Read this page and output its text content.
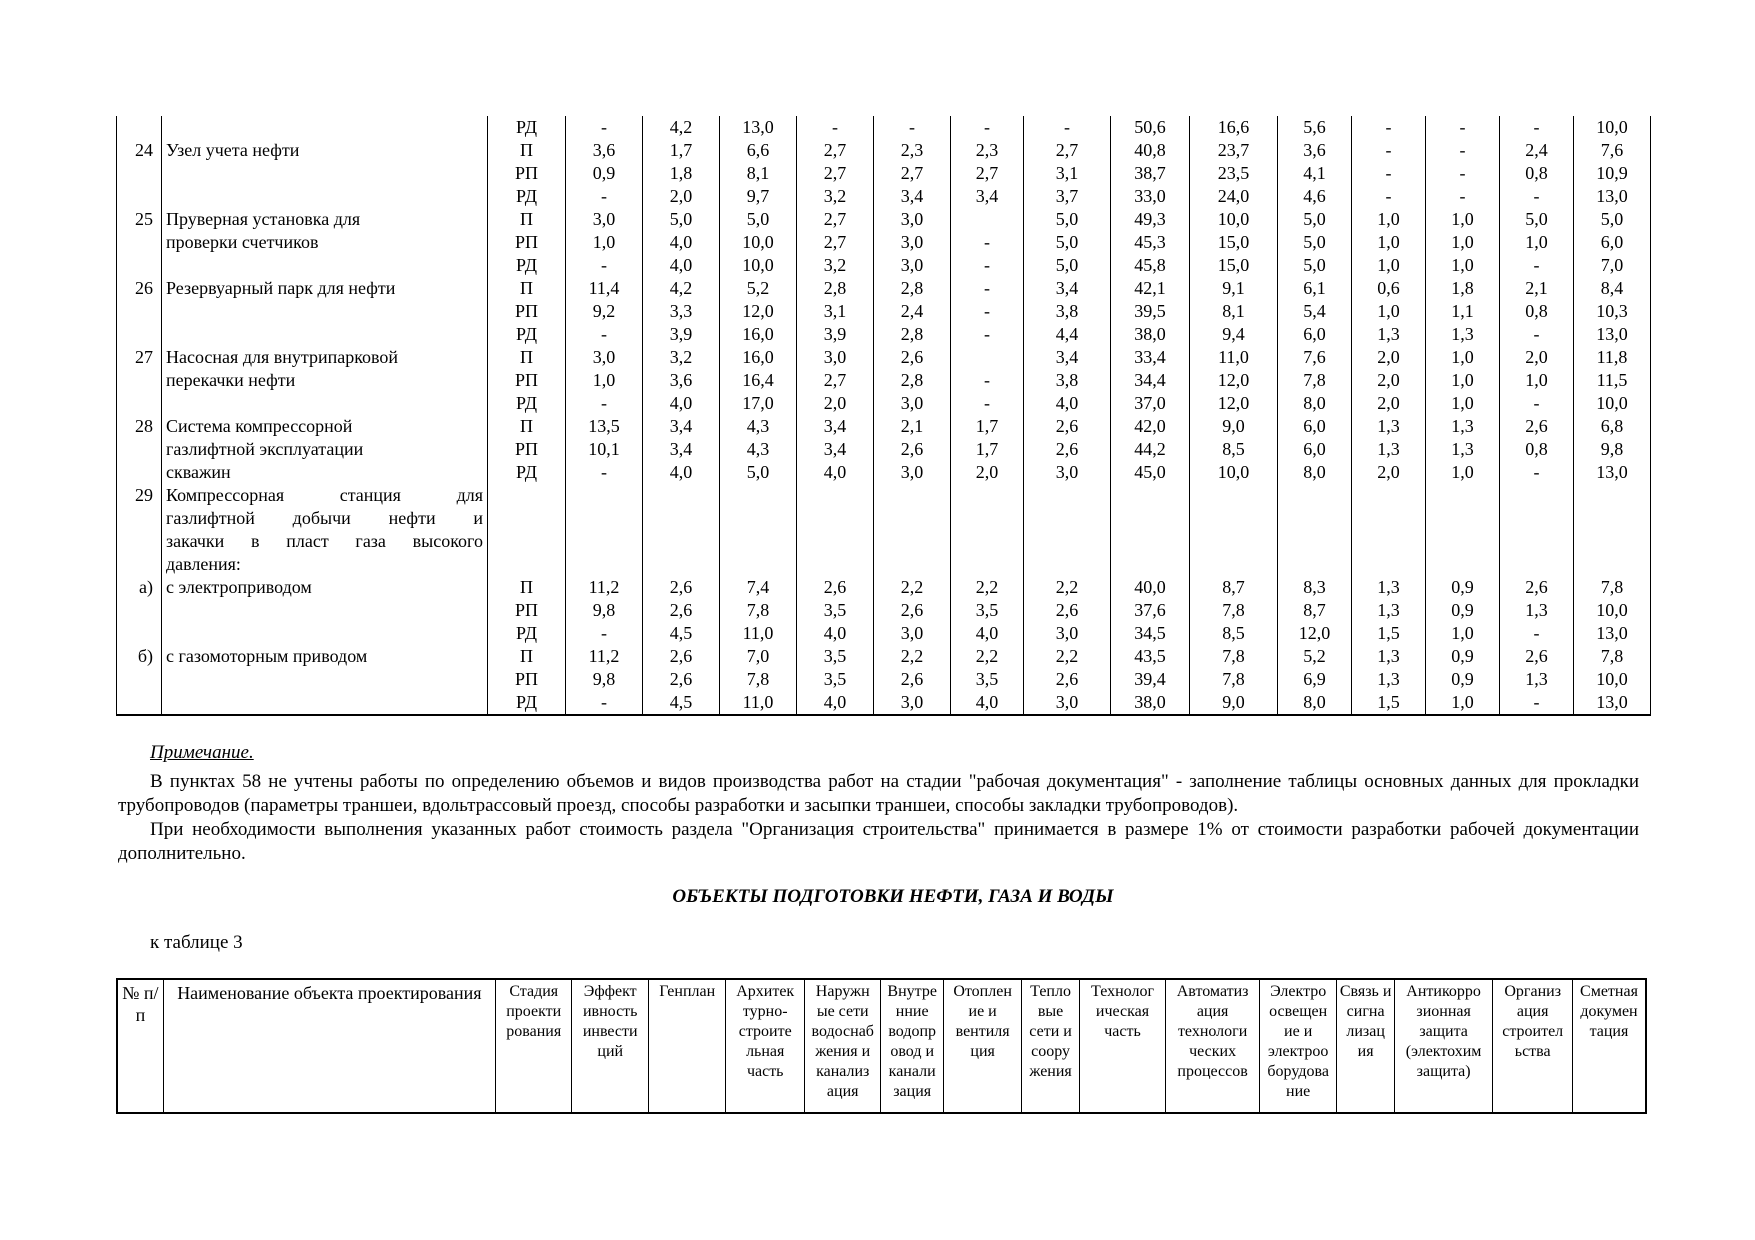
		РД	-	4,2	13,0	-	-	-	-	50,6	16,6	5,6	-	-	-	10,0
24	Узел учета нефти	П	3,6	1,7	6,6	2,7	2,3	2,3	2,7	40,8	23,7	3,6	-	-	2,4	7,6
		РП	0,9	1,8	8,1	2,7	2,7	2,7	3,1	38,7	23,5	4,1	-	-	0,8	10,9
		РД	-	2,0	9,7	3,2	3,4	3,4	3,7	33,0	24,0	4,6	-	-	-	13,0
25	Пруверная установка для	П	3,0	5,0	5,0	2,7	3,0		5,0	49,3	10,0	5,0	1,0	1,0	5,0	5,0
	проверки счетчиков	РП	1,0	4,0	10,0	2,7	3,0	-	5,0	45,3	15,0	5,0	1,0	1,0	1,0	6,0
		РД	-	4,0	10,0	3,2	3,0	-	5,0	45,8	15,0	5,0	1,0	1,0	-	7,0
26	Резервуарный парк для нефти	П	11,4	4,2	5,2	2,8	2,8	-	3,4	42,1	9,1	6,1	0,6	1,8	2,1	8,4
		РП	9,2	3,3	12,0	3,1	2,4	-	3,8	39,5	8,1	5,4	1,0	1,1	0,8	10,3
		РД	-	3,9	16,0	3,9	2,8	-	4,4	38,0	9,4	6,0	1,3	1,3	-	13,0
27	Насосная для внутрипарковой	П	3,0	3,2	16,0	3,0	2,6		3,4	33,4	11,0	7,6	2,0	1,0	2,0	11,8
	перекачки нефти	РП	1,0	3,6	16,4	2,7	2,8	-	3,8	34,4	12,0	7,8	2,0	1,0	1,0	11,5
		РД	-	4,0	17,0	2,0	3,0	-	4,0	37,0	12,0	8,0	2,0	1,0	-	10,0
28	Система компрессорной	П	13,5	3,4	4,3	3,4	2,1	1,7	2,6	42,0	9,0	6,0	1,3	1,3	2,6	6,8
	газлифтной эксплуатации	РП	10,1	3,4	4,3	3,4	2,6	1,7	2,6	44,2	8,5	6,0	1,3	1,3	0,8	9,8
	скважин	РД	-	4,0	5,0	4,0	3,0	2,0	3,0	45,0	10,0	8,0	2,0	1,0	-	13,0
29	Компрессорная станция для															
	газлифтной добычи нефти и															
	закачки в пласт газа высокого															
	давления:															
а)	с электроприводом	П	11,2	2,6	7,4	2,6	2,2	2,2	2,2	40,0	8,7	8,3	1,3	0,9	2,6	7,8
		РП	9,8	2,6	7,8	3,5	2,6	3,5	2,6	37,6	7,8	8,7	1,3	0,9	1,3	10,0
		РД	-	4,5	11,0	4,0	3,0	4,0	3,0	34,5	8,5	12,0	1,5	1,0	-	13,0
б)	с газомоторным приводом	П	11,2	2,6	7,0	3,5	2,2	2,2	2,2	43,5	7,8	5,2	1,3	0,9	2,6	7,8
		РП	9,8	2,6	7,8	3,5	2,6	3,5	2,6	39,4	7,8	6,9	1,3	0,9	1,3	10,0
		РД	-	4,5	11,0	4,0	3,0	4,0	3,0	38,0	9,0	8,0	1,5	1,0	-	13,0
Примечание.

В пунктах 58 не учтены работы по определению объемов и видов производства работ на стадии "рабочая документация" - заполнение таблицы основных данных для прокладки трубопроводов (параметры траншеи, вдольтрассовый проезд, способы разработки и засыпки траншеи, способы закладки трубопроводов).

При необходимости выполнения указанных работ стоимость раздела "Организация строительства" принимается в размере 1% от стоимости разработки рабочей документации дополнительно.

ОБЪЕКТЫ ПОДГОТОВКИ НЕФТИ, ГАЗА И ВОДЫ
к таблице 3
№ п/п	Наименование объекта проектирования	Стадия проекти рования	Эффект ивность инвести ций	Генплан	Архитек турно- строите льная часть	Наружн ые сети водоснаб жения и канализ ация	Внутре нние водопр овод и канали зация	Отоплен ие и вентиля ция	Тепло вые сети и соору жения	Технолог ическая часть	Автоматиз ация технологи ческих процессов	Электро освещен ие и электроо борудова ние	Связь и сигна лизац ия	Антикорро зионная защита (электохим защита)	Организ ация строител ьства	Сметная докумен тация
